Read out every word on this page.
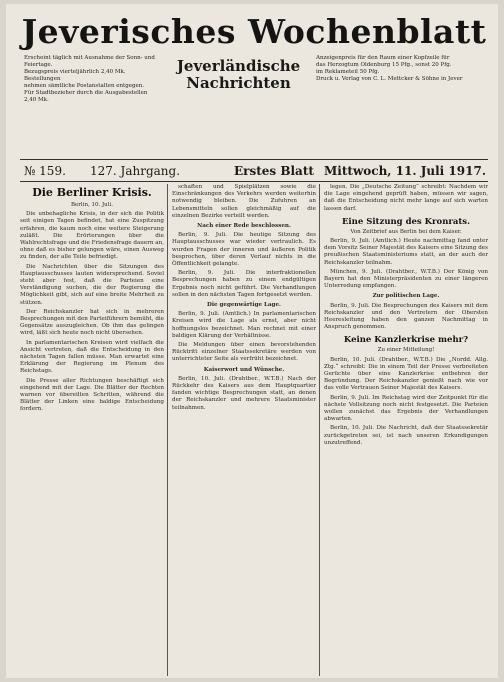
Jeverisches Wochenblatt

Erscheint täglich mit Ausnahme der Sonn- und Feiertage.

Bezugspreis vierteljährlich 2,40 Mk. Bestellungen

nehmen sämtliche Postanstalten entgegen.

Für Stadtbezieher durch die Ausgabestellen 2,40 Mk.

Jeverländische
Nachrichten

Anzeigenpreis für den Raum einer Kopfzeile für

das Herzogtum Oldenburg 15 Pfg., sonst 20 Pfg.

im Reklameteil 50 Pfg.

Druck u. Verlag von C. L. Mettcker & Söhne in Jever

№ 159. 127. Jahrgang.	Erstes Blatt Mittwoch, 11. Juli 1917.
Die Berliner Krisis.
Berlin, 10. Juli.

Die unbehagliche Krisis, in der sich die Politik seit einigen Tagen befindet, hat eine Zuspitzung erfahren, die kaum noch eine weitere Steigerung zuläßt. Die Erörterungen über die Wahlrechtsfrage und die Friedensfrage dauern an, ohne daß es bisher gelungen wäre, einen Ausweg zu finden, der alle Teile befriedigt.

Die Nachrichten über die Sitzungen des Hauptausschusses lauten widersprechend. Soviel steht aber fest, daß die Parteien eine Verständigung suchen, die der Regierung die Möglichkeit gibt, sich auf eine breite Mehrheit zu stützen.

Der Reichskanzler hat sich in mehreren Besprechungen mit den Parteiführern bemüht, die Gegensätze auszugleichen. Ob ihm das gelingen wird, läßt sich heute noch nicht übersehen.

In parlamentarischen Kreisen wird vielfach die Ansicht vertreten, daß die Entscheidung in den nächsten Tagen fallen müsse. Man erwartet eine Erklärung der Regierung im Plenum des Reichstags.

Die Presse aller Richtungen beschäftigt sich eingehend mit der Lage. Die Blätter der Rechten warnen vor übereilten Schritten, während die Blätter der Linken eine baldige Entscheidung fordern.

schaften und Spielplätzen sowie die Einschränkungen des Verkehrs werden weiterhin notwendig bleiben. Die Zufuhren an Lebensmitteln sollen gleichmäßig auf die einzelnen Bezirke verteilt werden.

Nach einer Rede beschlossen.

Berlin, 9. Juli. Die heutige Sitzung des Hauptausschusses war wieder vertraulich. Es wurden Fragen der inneren und äußeren Politik besprochen, über deren Verlauf nichts in die Öffentlichkeit gelangte.

Berlin, 9. Juli. Die interfraktionellen Besprechungen haben zu einem endgültigen Ergebnis noch nicht geführt. Die Verhandlungen sollen in den nächsten Tagen fortgesetzt werden.

Die gegenwärtige Lage.

Berlin, 9. Juli. (Amtlich.) In parlamentarischen Kreisen wird die Lage als ernst, aber nicht hoffnungslos bezeichnet. Man rechnet mit einer baldigen Klärung der Verhältnisse.

Die Meldungen über einen bevorstehenden Rücktritt einzelner Staatssekretäre werden von unterrichteter Seite als verfrüht bezeichnet.

Kaiserwort und Wünsche.

Berlin, 10. Juli. (Drahtber., W.T.B.) Nach der Rückkehr des Kaisers aus dem Hauptquartier fanden wichtige Besprechungen statt, an denen der Reichskanzler und mehrere Staatsminister teilnahmen.

legen. Die „Deutsche Zeitung“ schreibt: Nachdem wir die Lage eingehend geprüft haben, müssen wir sagen, daß die Entscheidung nicht mehr lange auf sich warten lassen darf.

Eine Sitzung des Kronrats.
Von Zeitbrief aus Berlin bei dem Kaiser.

Berlin, 9. Juli. (Amtlich.) Heute nachmittag fand unter dem Vorsitz Seiner Majestät des Kaisers eine Sitzung des preußischen Staatsministeriums statt, an der auch der Reichskanzler teilnahm.

München, 9. Juli. (Drahtber., W.T.B.) Der König von Bayern hat den Ministerpräsidenten zu einer längeren Unterredung empfangen.

Zur politischen Lage.

Berlin, 9. Juli. Die Besprechungen des Kaisers mit dem Reichskanzler und den Vertretern der Obersten Heeresleitung haben den ganzen Nachmittag in Anspruch genommen.

Keine Kanzlerkrise mehr?
Zu einer Mitteilung!

Berlin, 10. Juli. (Drahtber., W.T.B.) Die „Nordd. Allg. Ztg.“ schreibt: Die in einem Teil der Presse verbreiteten Gerüchte über eine Kanzlerkrise entbehren der Begründung. Der Reichskanzler genießt nach wie vor das volle Vertrauen Seiner Majestät des Kaisers.

Berlin, 9. Juli. Im Reichstag wird der Zeitpunkt für die nächste Vollsitzung noch nicht festgesetzt. Die Parteien wollen zunächst das Ergebnis der Verhandlungen abwarten.

Berlin, 10. Juli. Die Nachricht, daß der Staatssekretär zurückgetreten sei, ist nach unseren Erkundigungen unzutreffend.
